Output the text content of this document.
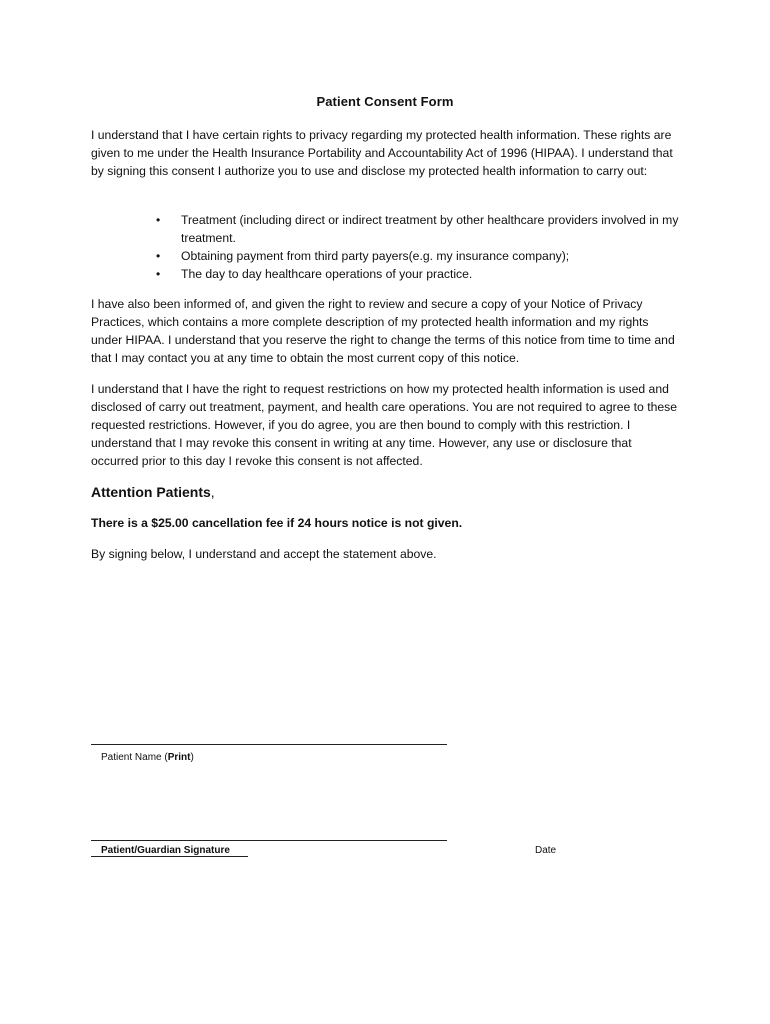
Patient Consent Form

I understand that I have certain rights to privacy regarding my protected health information. These rights are given to me under the Health Insurance Portability and Accountability Act of 1996 (HIPAA). I understand that by signing this consent I authorize you to use and disclose my protected health information to carry out:

• Treatment (including direct or indirect treatment by other healthcare providers involved in my treatment.
• Obtaining payment from third party payers(e.g. my insurance company);
• The day to day healthcare operations of your practice.

I have also been informed of, and given the right to review and secure a copy of your Notice of Privacy Practices, which contains a more complete description of my protected health information and my rights under HIPAA. I understand that you reserve the right to change the terms of this notice from time to time and that I may contact you at any time to obtain the most current copy of this notice.

I understand that I have the right to request restrictions on how my protected health information is used and disclosed of carry out treatment, payment, and health care operations. You are not required to agree to these requested restrictions. However, if you do agree, you are then bound to comply with this restriction. I understand that I may revoke this consent in writing at any time. However, any use or disclosure that occurred prior to this day I revoke this consent is not affected.

Attention Patients,
There is a $25.00 cancellation fee if 24 hours notice is not given.
By signing below, I understand and accept the statement above.
Patient Name (Print)
Patient/Guardian Signature	Date
